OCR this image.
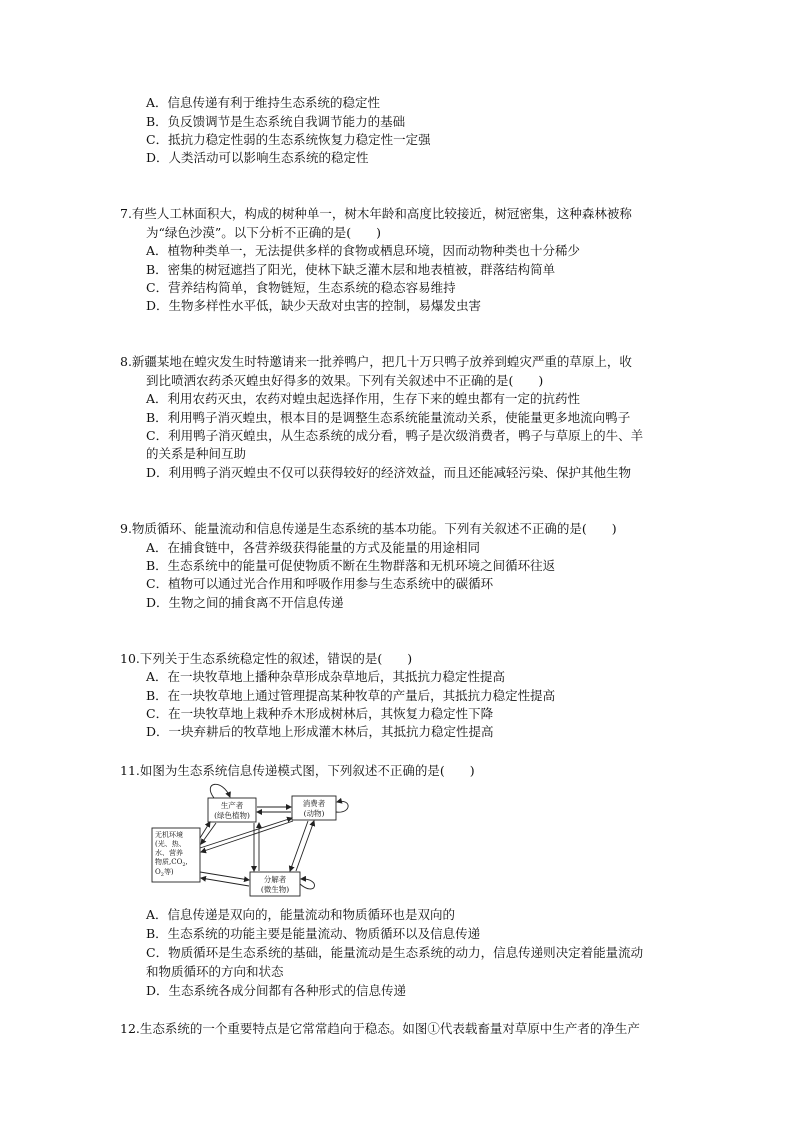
A．信息传递有利于维持生态系统的稳定性
B．负反馈调节是生态系统自我调节能力的基础
C．抵抗力稳定性弱的生态系统恢复力稳定性一定强
D．人类活动可以影响生态系统的稳定性
7.有些人工林面积大，构成的树种单一，树木年龄和高度比较接近，树冠密集，这种森林被称
为“绿色沙漠”。以下分析不正确的是(　　)
A．植物种类单一，无法提供多样的食物或栖息环境，因而动物种类也十分稀少
B．密集的树冠遮挡了阳光，使林下缺乏灌木层和地表植被，群落结构简单
C．营养结构简单，食物链短，生态系统的稳态容易维持
D．生物多样性水平低，缺少天敌对虫害的控制，易爆发虫害
8.新疆某地在蝗灾发生时特邀请来一批养鸭户，把几十万只鸭子放养到蝗灾严重的草原上，收
到比喷洒农药杀灭蝗虫好得多的效果。下列有关叙述中不正确的是(　　)
A．利用农药灭虫，农药对蝗虫起选择作用，生存下来的蝗虫都有一定的抗药性
B．利用鸭子消灭蝗虫，根本目的是调整生态系统能量流动关系，使能量更多地流向鸭子
C．利用鸭子消灭蝗虫，从生态系统的成分看，鸭子是次级消费者，鸭子与草原上的牛、羊
的关系是种间互助
D．利用鸭子消灭蝗虫不仅可以获得较好的经济效益，而且还能减轻污染、保护其他生物
9.物质循环、能量流动和信息传递是生态系统的基本功能。下列有关叙述不正确的是(　　)
A．在捕食链中，各营养级获得能量的方式及能量的用途相同
B．生态系统中的能量可促使物质不断在生物群落和无机环境之间循环往返
C．植物可以通过光合作用和呼吸作用参与生态系统中的碳循环
D．生物之间的捕食离不开信息传递
10.下列关于生态系统稳定性的叙述，错误的是(　　)
A．在一块牧草地上播种杂草形成杂草地后，其抵抗力稳定性提高
B．在一块牧草地上通过管理提高某种牧草的产量后，其抵抗力稳定性提高
C．在一块牧草地上栽种乔木形成树林后，其恢复力稳定性下降
D．一块弃耕后的牧草地上形成灌木林后，其抵抗力稳定性提高
11.如图为生态系统信息传递模式图，下列叙述不正确的是(　　)
生产者
(绿色植物)
消费者
(动物)
分解者
(微生物)
无机环境
(光、热、
水、营养
物质$,CO_2$,
$O_2$等)
A．信息传递是双向的，能量流动和物质循环也是双向的
B．生态系统的功能主要是能量流动、物质循环以及信息传递
C．物质循环是生态系统的基础，能量流动是生态系统的动力，信息传递则决定着能量流动
和物质循环的方向和状态
D．生态系统各成分间都有各种形式的信息传递
12.生态系统的一个重要特点是它常常趋向于稳态。如图①代表载畜量对草原中生产者的净生产
